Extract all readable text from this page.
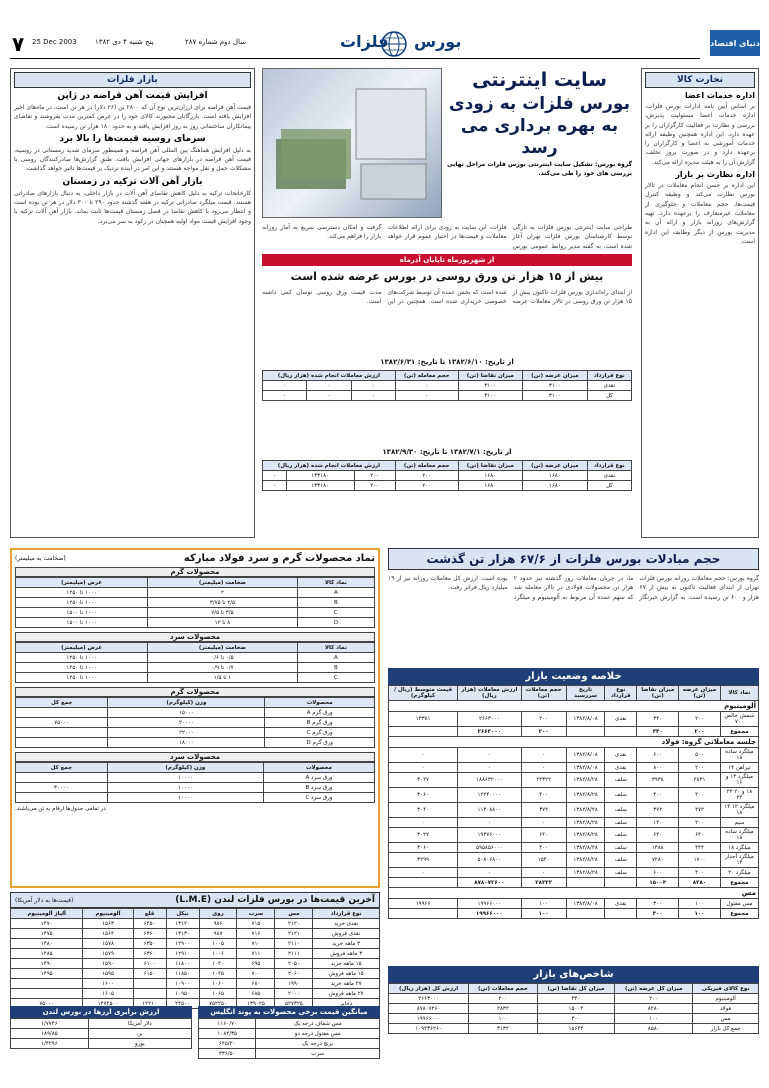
۷ 25 Dec 2003	پنج شنبه ۴ دی ۱۳۸۲	سال دوم شماره ۲۸۷	فلزات بورس	دنیای اقتصاد
بازار فلزات
افزایش قیمت آهن قراضه در ژاپن

قیمت آهن قراضه برای ارزان‌ترین نوع آن که ۲۸۰۰ ین (۲۶ دلار) در هر تن است، در ماه‌های اخیر افزایش یافته است. بازرگانان مجبورند کالای خود را در عرض کمترین مدت بفروشند و تقاضای پیمانکاران ساختمانی روز به روز افزایش یافته و به حدود ۱۸۰ هزار تن رسیده است.

سرمای روسیه قیمت‌ها را بالا برد

به دلیل افزایش هماهنگ بین المللی آهن قراضه و همینطور سرمای شدید زمستانی در روسیه، قیمت آهن قراضه در بازارهای جهانی افزایش یافت. طبق گزارش‌ها صادرکنندگان روسی با مشکلات حمل و نقل مواجه هستند و این امر در آینده نزدیک بر قیمت‌ها تاثیر خواهد گذاشت.

بازار آهن آلات ترکیه در زمستان

کارخانجات ترکیه به دلیل کاهش تقاضای آهن آلات در بازار داخلی، به دنبال بازارهای صادراتی هستند. قیمت میلگرد صادراتی ترکیه در هفته گذشته حدود ۲۹۰ تا ۳۰۰ دلار در هر تن بوده است و انتظار می‌رود با کاهش تقاضا در فصل زمستان قیمت‌ها ثابت بماند. بازار آهن آلات ترکیه با وجود افزایش قیمت مواد اولیه همچنان در رکود به سر می‌برد.

سایت اینترنتی
بورس فلزات به زودی
به بهره برداری می رسد
گروه بورس: تشکیل سایت اینترنتی بورس فلزات مراحل نهایی بررسی های خود را طی می‌کند.
طراحی سایت اینترنتی بورس فلزات به تازگی توسط کارشناسان بورس فلزات تهران آغاز شده است. به گفته مدیر روابط عمومی بورس فلزات، این سایت به زودی برای ارائه اطلاعات معاملات و قیمت‌ها در اختیار عموم قرار خواهد گرفت و امکان دسترسی سریع به آمار روزانه بازار را فراهم می‌کند.
از شهریورماه تاپایان آذرماه
بیش از ۱۵ هزار تن ورق روسی در بورس عرضه شده است
از ابتدای راه‌اندازی بورس فلزات تاکنون بیش از ۱۵ هزار تن ورق روسی در تالار معاملات عرضه شده است که بخش عمده آن توسط شرکت‌های خصوصی خریداری شده است. همچنین در این مدت قیمت ورق روسی نوسان کمی داشته است.
از تاریخ: ۱۳۸۲/۶/۱۰ تا تاریخ: ۱۳۸۲/۶/۳۱
نوع قرارداد	میزان عرضه (تن)	میزان تقاضا (تن)	حجم معامله (تن)	ارزش معاملات انجام شده (هزار ریال)		
نقدی	۳۱۰۰	۳۱۰۰	۰	۰	۰	۰
کل	۳۱۰۰	۳۱۰۰	۰	۰	۰	۰
از تاریخ: ۱۳۸۲/۷/۱ تا تاریخ: ۱۳۸۲/۹/۳۰
نوع قرارداد	میزان عرضه (تن)	میزان تقاضا (تن)	حجم معامله (تن)	ارزش معاملات انجام شده (هزار ریال)		
نقدی	۱۶۸۰	۱۶۸۰	۲۰۰	۲۰۰	۱۳۳۱۸۰	۰
کل	۱۶۸۰	۱۶۸۰	۲۰۰	۲۰۰	۱۳۳۱۸۰	۰
تجارت کالا
اداره خدمات اعضا

بر اساس آیین نامه ادارات بورس فلزات، اداره خدمات اعضا مسئولیت پذیرش، بررسی و نظارت بر فعالیت کارگزاران را بر عهده دارد. این اداره همچنین وظیفه ارائه خدمات آموزشی به اعضا و کارگزاران را برعهده دارد و در صورت بروز تخلف، گزارش آن را به هیئت مدیره ارائه می‌کند.

اداره نظارت بر بازار

این اداره بر حسن انجام معاملات در تالار بورس نظارت می‌کند و وظیفه کنترل قیمت‌ها، حجم معاملات و جلوگیری از معاملات غیرمتعارف را برعهده دارد. تهیه گزارش‌های روزانه بازار و ارائه آن به مدیریت بورس از دیگر وظایف این اداره است.

حجم مبادلات بورس فلزات از ۶۷/۶ هزار تن گذشت
گروه بورس: حجم معاملات روزانه بورس فلزات تهران از ابتدای فعالیت تاکنون به بیش از ۶۷ هزار و ۶۰۰ تن رسیده است. به گزارش خبرنگار ما، در جریان معاملات روز گذشته نیز حدود ۲ هزار تن محصولات فولادی در تالار معامله شد که سهم عمده آن مربوط به آلومینیوم و میلگرد بوده است. ارزش کل معاملات روزانه نیز از ۱۹ میلیارد ریال فراتر رفت.
نماد محصولات گرم و سرد فولاد مبارکه
(ضخامت به میلیمتر)
محصولات گرم
نماد کالا	ضخامت (میلیمتر)	عرض (میلیمتر)
A	۲	۱۰۰۰ تا ۱۲۵۰
B	۲/۵ تا ۳/۷۵	۱۰۰۰ تا ۱۲۵۰
C	۳/۵ تا ۷/۵	۱۰۰۰ تا ۱۵۰۰
D	۸ تا ۱۲	۱۰۰۰ تا ۱۵۰۰
محصولات سرد
نماد کالا	ضخامت (میلیمتر)	عرض (میلیمتر)
A	۰/۵ تا ۰/۶	۱۰۰۰ تا ۱۲۵۰
B	۰/۷ تا ۰/۹	۱۰۰۰ تا ۱۲۵۰
C	۱ تا ۱/۵	۱۰۰۰ تا ۱۲۵۰
محصولات گرم
محصولات	وزن (کیلوگرم)	جمع کل
ورق گرم A	۱۵۰۰۰	
ورق گرم B	۲۰۰۰۰	۷۵۰۰۰
ورق گرم C	۲۲۰۰۰	
ورق گرم D	۱۸۰۰۰	
محصولات سرد
محصولات	وزن (کیلوگرم)	جمع کل
ورق سرد A	۱۰۰۰۰	
ورق سرد B	۱۰۰۰۰	۳۰۰۰۰
ورق سرد C	۱۰۰۰۰	
در تمامی جدول‌ها ارقام به تن می‌باشند.
آخرین قیمت‌ها در بورس فلزات لندن (L.M.E)
(قیمت‌ها به دلار آمریکا)
نوع قرارداد	مس	سرب	روی	نیکل	قلع	آلومینیوم	آلیاژ آلومینیوم
نقدی خرید	۲۱۲۰	۷۱۵	۹۸۶	۱۳۱۲۰	۶۴۵۰	۱۵۶۳	۱۴۷۰
نقدی فروش	۲۱۲۱	۷۱۶	۹۸۷	۱۳۱۳۰	۶۴۶۰	۱۵۶۴	۱۴۷۵
۳ ماهه خرید	۲۱۱۰	۷۱۰	۱۰۰۵	۱۲۹۰۰	۶۳۵۰	۱۵۷۸	۱۴۸۰
۳ ماهه فروش	۲۱۱۱	۷۱۱	۱۰۰۶	۱۲۹۱۰	۶۳۶۰	۱۵۷۹	۱۴۸۵
۱۵ ماهه خرید	۲۰۵۰	۶۹۵	۱۰۴۰	۱۱۸۰۰	۶۱۰۰	۱۵۹۰	۱۴۹۰
۱۵ ماهه فروش	۲۰۶۰	۷۰۰	۱۰۴۵	۱۱۸۵۰	۶۱۵۰	۱۵۹۵	۱۴۹۵
۲۷ ماهه خرید	۱۹۹۰	۶۸۰	۱۰۶۰	۱۰۹۰۰		۱۶۰۰	
۲۷ ماهه فروش	۲۰۰۰	۶۸۵	۱۰۶۵	۱۰۹۵۰		۱۶۰۵	
ذخایر	۵۲۷۳۲۵	۱۳۹۰۲۵	۷۵۲۲۵۰	۲۴۵۰۰	۱۲۲۱۰	۱۴۷۲۵۰۰	۷۵۰۰۰
میانگین قیمت برخی محصولات به پوند انگلیس
مس شفاف درجه یک	۱۱۶۰/۷۰
مس مفتول درجه دو	۱۰۸۴/۳۵
برنج درجه یک	۶۴۵/۲۰
سرب	۳۳۶/۵۰
ارزش برابری ارزها در بورس لندن
دلار آمریکا	۱/۷۷۴۶
ین	۱۸۹/۸۵
یورو	۱/۴۲۹۶
خلاصه وضعیت بازار
نماد کالا	میزان عرضه (تن)	میزان تقاضا (تن)	نوع قرارداد	تاریخ سررسید	حجم معاملات (تن)	ارزش معاملات (هزار ریال)	قیمت متوسط (ریال / کیلوگرم)
آلومینیوم							
شمش خالص ۷۰۰	۲۰۰	۳۴۰	نقدی	۱۳۸۲/۸/۰۸	۲۰۰	۲۶۶۳۰۰۰	۱۳۳۸۱
مجموع	۲۰۰	۳۴۰			۲۰۰	۲۶۶۳۰۰۰	
جلسه معاملاتی گروه: فولاد							
میلگرد ساده ۱۸	۵۰۰	۶۰۰	نقدی	۱۳۸۲/۸/۰۸	۰	۰	۰
تیرآهن ۱۴	۲۰۰	۸۰۰	نقدی	۱۳۸۲/۸/۰۸	۰	۰	۰
میلگرد ۱۴ و ۱۶	۲۸۳۱	۳۹۳۸	سلف	۱۳۸۲/۸/۲۸	۲۴۳۲۲	۱۸۸۶۳۲۰۰۰	۳۰۴۷
۱۸ و ۲۰ ۲۲ ۲۴	۴۰۰	۴۰۰	سلف	۱۳۸۲/۸/۲۸	۴۰۰	۱۲۲۴۰۰۰۰	۳۰۶۰
میلگرد ۱۲ ۱۴ ۱۸	۴۷۲	۳۷۲	سلف	۱۳۸۲/۸/۲۸	۳۷۲	۱۱۳۰۸۸۰۰	۳۰۴۰
سیم	۲۰۰	۱۴۰	سلف	۱۳۸۲/۸/۲۸	۰	۰	۰
میلگرد ساده ۱۸	۶۴۰	۶۴۰	سلف	۱۳۸۲/۸/۲۸	۶۴۰	۱۹۳۷۶۰۰۰	۳۰۲۷
میلگرد ۱۸	۴۴۴	۱۴۸۸	سلف	۱۳۸۲/۸/۲۸	۴۰۰	۵۹۵۸۵۶۰۰۰	۳۰۶۰
میلگرد آجدار ۱۴	۱۷۰۰	۷۲۸۰	سلف	۱۳۸۲/۸/۲۸	۱۵۴۰	۵۰۸۰۶۸۰۰	۳۲۹۹
میلگرد ۲۰	۴۰۰	۶۰۰	سلف	۱۳۸۲/۸/۲۸	۰	۰	۰
مجموع	۸۲۸۰	۱۵۰۰۴			۲۸۳۲۲	۸۷۸۰۷۲۶۰۰	
مس							
مس مفتول	۱۰۰	۳۰۰	نقدی	۱۳۸۲/۸/۰۸	۱۰۰	۱۹۹۶۶۰۰۰	۱۹۹۶۶
مجموع	۱۰۰	۳۰۰			۱۰۰	۱۹۹۶۶۰۰۰	
شاخص‌های بازار
نوع کالای فیزیکی	میزان کل عرضه (تن)	میزان کل تقاضا (تن)	حجم معاملات (تن)	ارزش کل (هزار ریال)
آلومینیوم	۲۰۰	۳۴۰	۲۰۰	۲۶۶۳۰۰۰
فولاد	۸۲۸۰	۱۵۰۰۴	۲۸۳۲	۸۷۸۰۷۲۶۰
مس	۱۰۰	۳۰۰	۱۰۰	۱۹۹۶۶۰۰۰
جمع کل بازار	۸۵۸۰	۱۵۶۴۴	۳۱۳۲	۱۰۹۴۳۶۲۶۰
